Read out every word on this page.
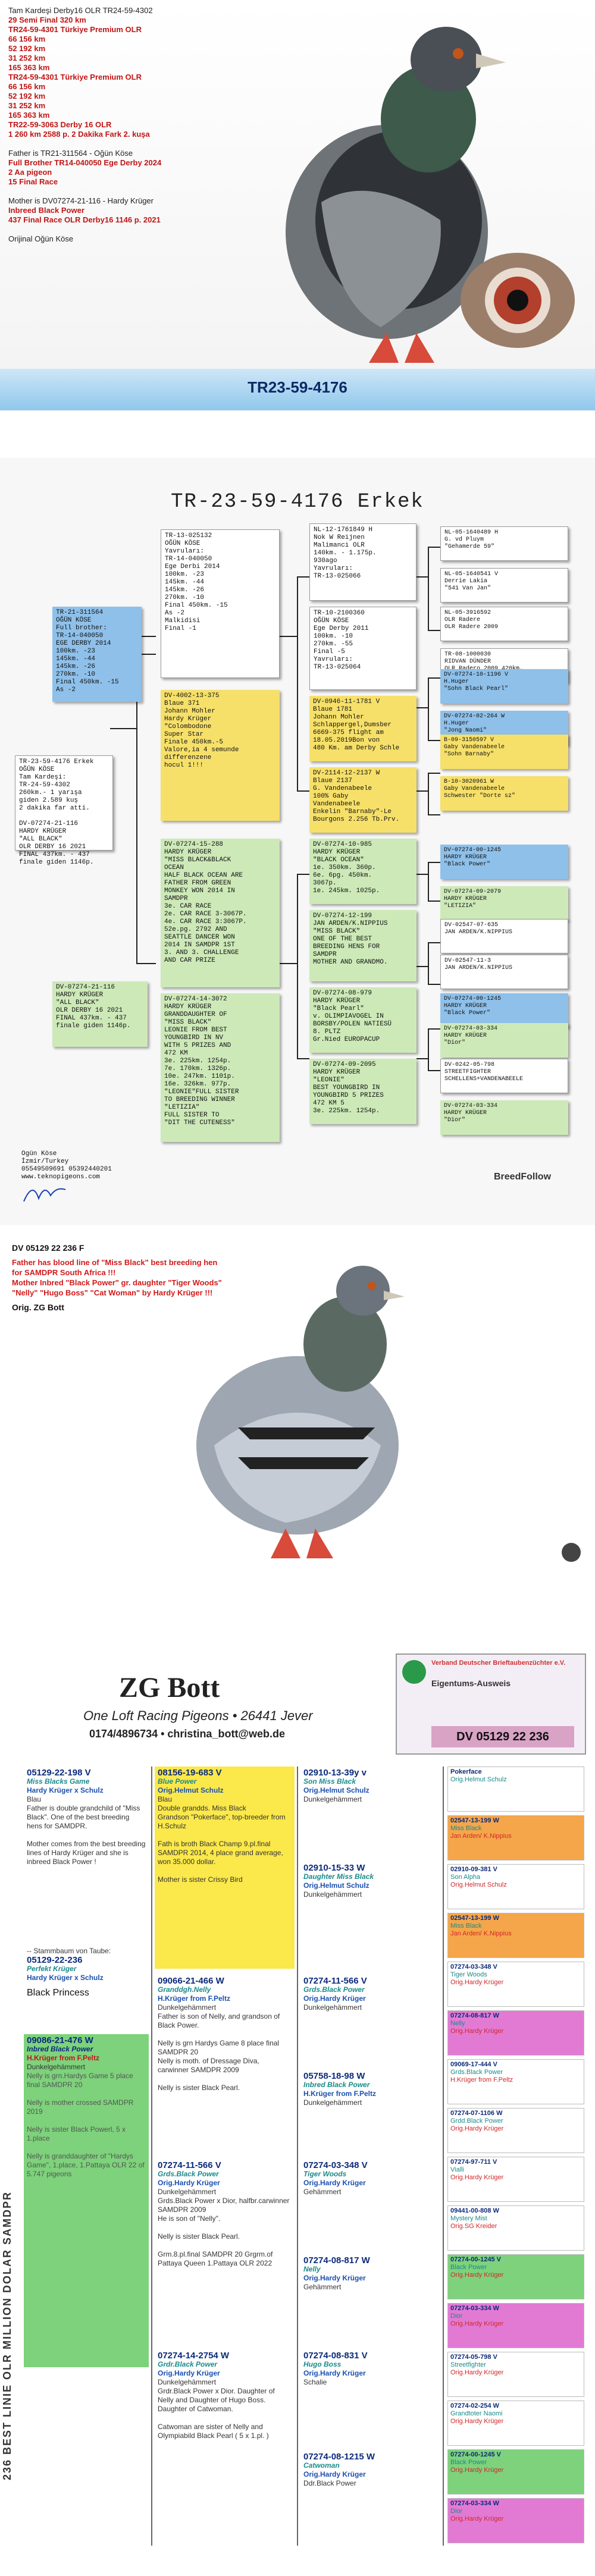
Tam Kardeşi Derby16 OLR TR24-59-4302
29 Semi Final 320 km
TR24-59-4301 Türkiye Premium OLR
66 156 km
52 192 km
31 252 km
165 363 km
TR24-59-4301 Türkiye Premium OLR
66 156 km
52 192 km
31 252 km
165 363 km
TR22-59-3063 Derby 16 OLR
1 260 km 2588 p. 2 Dakika Fark 2. kuşa
Father is TR21-311564 - Oğün Köse
Full Brother TR14-040050 Ege Derby 2024
2 Aa pigeon
15 Final Race
Mother is DV07274-21-116 - Hardy Krüger
Inbreed Black Power
437 Final Race OLR Derby16 1146 p. 2021
Orijinal Oğün Köse
TR23-59-4176
TR-23-59-4176 Erkek
TR-23-59-4176 Erkek
OĞÜN KÖSE
Tam Kardeşi:
TR-24-59-4302
260km.- 1 yarışa
giden 2.589 kuş
2 dakika far atti.

DV-07274-21-116
HARDY KRÜGER
"ALL BLACK"
OLR DERBY 16 2021
FINAL 437km. - 437
finale giden 1146p.
TR-21-311564
OĞÜN KÖSE
Full brother:
TR-14-040050
EGE DERBY 2014
100km. -23
145km. -44
145km. -26
270km. -10
Final 450km. -15
As -2
DV-07274-21-116
HARDY KRÜGER
"ALL BLACK"
OLR DERBY 16 2021
FINAL 437km. - 437
finale giden 1146p.
TR-13-025132
OĞÜN KÖSE
Yavruları:
TR-14-040050
Ege Derbi 2014
100km. -23
145km. -44
145km. -26
270km. -10
Final 450km. -15
As -2
Malkidisi
Final -1
DV-4002-13-375
Blaue 371
Johann Mohler
Hardy Krüger
"Colombodone
Super Star
Finale 450km.-5
Valore,ia 4 semunde
differenzene
hocul 1!!!
DV-07274-15-288
HARDY KRÜGER
"MISS BLACK&BLACK
OCEAN
HALF BLACK OCEAN ARE
FATHER FROM GREEN
MONKEY WON 2014 IN
SAMDPR
3e. CAR RACE
2e. CAR RACE 3-3067P.
4e. CAR RACE 3:3067P.
52e.pg. 2792 AND
SEATTLE DANCER WON
2014 IN SAMDPR 1ST
3. AND 3. CHALLENGE
AND CAR PRIZE
DV-07274-14-3072
HARDY KRÜGER
GRANDDAUGHTER OF
"MISS BLACK"
LEONIE FROM BEST
YOUNGBIRD IN NV
WITH 5 PRIZES AND
472 KM
3e. 225km. 1254p.
7e. 170km. 1326p.
10e. 247km. 1101p.
16e. 326km. 977p.
"LEONIE"FULL SISTER
TO BREEDING WINNER
"LETIZIA"
FULL SISTER TO
"DIT THE CUTENESS"
NL-12-1761849 H
Nok W Reijnen
Malimanci OLR
140km. - 1.175p.
930ago
Yavruları:
TR-13-025066
TR-10-2100360
OĞÜN KÖSE
Ege Derby 2011
100km. -10
270km. -55
Final -5
Yavruları:
TR-13-025064
DV-0946-11-1781 V
Blaue 1781
Johann Mohler
Schlappergel,Dumsber
6669-375 flight am
18.05.2019Bon von
480 Km. am Derby Schle
DV-2114-12-2137 W
Blaue 2137
G. Vandenabeele
100% Gaby
Vandenabeele
Enkelin "Barnaby"-Le
Bourgons 2.256 Tb.Prv.
DV-07274-10-985
HARDY KRÜGER
"BLACK OCEAN"
1e. 350km. 360p.
6e. 6pg. 450km.
3067p.
1e. 245km. 1025p.
DV-07274-12-199
JAN ARDEN/K.NIPPIUS
"MISS BLACK"
ONE OF THE BEST
BREEDING HENS FOR
SAMDPR
MOTHER AND GRANDMO.
DV-07274-08-979
HARDY KRÜGER
"Black Pearl"
v. OLIMPIAVOGEL IN
BORSBY/POLEN NATIESÜ
8. PLTZ
Gr.Nied EUROPACUP
DV-07274-09-2095
HARDY KRÜGER
"LEONIE"
BEST YOUNGBIRD IN
YOUNGBIRD 5 PRIZES
472 KM 5
3e. 225km. 1254p.
NL-05-1640489 H
G. vd Pluym
"Gehamerde 59"
NL-05-1640541 V
Derrie Lakia
"541 Van Jan"
NL-05-3916592
OLR Radere
OLR Radere 2009
TR-08-1000030
RIDVAN DÜNDER

DV-07274-10-1196 V
H.Huger
"Sohn Black Pearl"
DV-07274-02-264 W
H.Huger
"Jong Naomi"
B-09-3150597 V
Gaby Vandenabeele
"Sohn Barnaby"
B-10-3020961 W
Gaby Vandenabeele
Schwester "Dorte sz"
DV-07274-00-1245
HARDY KRÜGER
"Black Power"
DV-07274-09-2079
HARDY KRÜGER
"LETIZIA"
DV-02547-07-635
JAN ARDEN/K.NIPPIUS
DV-02547-11-3
JAN ARDEN/K.NIPPIUS
DV-07274-00-1245
HARDY KRÜGER
"Black Power"
DV-07274-03-334
HARDY KRÜGER
"Dior"
DV-0242-05-798
STREETFIGHTER
SCHELLENS+VANDENABEELE
DV-07274-03-334
HARDY KRÜGER
"Dior"
Ogün Köse
İzmir/Turkey
05549509691 05392440201
www.teknopigeons.com	BreedFollow
DV 05129 22 236 F
Father has blood line of "Miss Black" best breeding hen
for SAMDPR South Africa !!!
Mother Inbred "Black Power" gr. daughter "Tiger Woods"
"Nelly" "Hugo Boss" "Cat Woman" by Hardy Krüger !!!
Orig. ZG Bott
ZG Bott
One Loft Racing Pigeons • 26441 Jever
0174/4896734 • christina_bott@web.de
Verband Deutscher Brieftaubenzüchter e.V.
Eigentums-Ausweis
DV 05129 22 236
236 BEST LINIE OLR MILLION DOLAR SAMDPR
-- Stammbaum von Taube:
05129-22-236
Perfekt Krüger
Hardy Krüger x Schulz
Black Princess
05129-22-198 V
Miss Blacks Game
Hardy Krüger x Schulz
Blau
Father is double grandchild of "Miss Black". One of the best breeding hens for SAMDPR.

Mother comes from the best breeding lines of Hardy Krüger and she is inbreed Black Power !
09086-21-476 W
Inbred Black Power
H.Krüger from F.Peltz
Dunkelgehämmert
Nelly is grn.Hardys Game 5 place final SAMDPR 20

Nelly is mother crossed SAMDPR 2019

Nelly is sister Black Powerl, 5 x 1.place

Nelly is granddaughter of "Hardys Game", 1.place, 1.Pattaya OLR 22 of 5.747 pigeons
08156-19-683 V
Blue Power
Orig.Helmut Schulz
Blau
Double grandds. Miss Black
Grandson "Pokerface", top-breeder from H.Schulz

Fath is broth Black Champ 9.pl.final SAMDPR 2014, 4 place grand average, won 35.000 dollar.

Mother is sister Crissy Bird
09066-21-466 W
Granddgh.Nelly
H.Krüger from F.Peltz
Dunkelgehämmert
Father is son of Nelly, and grandson of Black Power.

Nelly is grn Hardys Game 8 place final SAMDPR 20
Nelly is moth. of Dressage Diva, carwinner SAMDPR 2009

Nelly is sister Black Pearl.
07274-11-566 V
Grds.Black Power
Orig.Hardy Krüger
Dunkelgehämmert
Grds.Black Power x Dior, halfbr.carwinner SAMDPR 2009
He is son of "Nelly".

Nelly is sister Black Pearl.

Grm.8.pl.final SAMDPR 20 Grgrm.of Pattaya Queen 1.Pattaya OLR 2022
07274-14-2754 W
Grdr.Black Power
Orig.Hardy Krüger
Dunkelgehämmert
Grdr.Black Power x Dior. Daughter of Nelly and Daughter of Hugo Boss. Daughter of Catwoman.

Catwoman are sister of Nelly and Olympiabild Black Pearl ( 5 x 1.pl. )
02910-13-39y v
Son Miss Black
Orig.Helmut Schulz
Dunkelgehämmert
02910-15-33 W
Daughter Miss Black
Orig.Helmut Schulz
Dunkelgehämmert
07274-11-566 V
Grds.Black Power
Orig.Hardy Krüger
Dunkelgehämmert
05758-18-98 W
Inbred Black Power
H.Krüger from F.Peltz
Dunkelgehämmert
07274-03-348 V
Tiger Woods
Orig.Hardy Krüger
Gehämmert
07274-08-817 W
Nelly
Orig.Hardy Krüger
Gehämmert
07274-08-831 V
Hugo Boss
Orig.Hardy Krüger
Schalie
07274-08-1215 W
Catwoman
Orig.Hardy Krüger
Ddr.Black Power
Pokerface
Orig.Helmut Schulz
02547-13-199 W
Miss Black
Jan Arden/ K.Nippius
02910-09-381 V
Son Alpha
Orig.Helmut Schulz
02547-13-199 W
Miss Black
Jan Arden/ K.Nippius
07274-03-348 V
Tiger Woods
Orig.Hardy Krüger
07274-08-817 W
Nelly
Orig.Hardy Krüger
09069-17-444 V
Grds.Black Power
H.Krüger from F.Peltz
07274-07-1106 W
Grdd.Black Power
Orig.Hardy Krüger
07274-97-711 V
Vialli
Orig.Hardy Krüger
09441-00-808 W
Mystery Mist
Orig.SG Kreider
07274-00-1245 V
Black Power
Orig.Hardy Krüger
07274-03-334 W
Dior
Orig.Hardy Krüger
07274-05-798 V
Streetfighter
Orig.Hardy Krüger
07274-02-254 W
Grandtoter Naomi
Orig.Hardy Krüger
07274-00-1245 V
Black Power
Orig.Hardy Krüger
07274-03-334 W
Dior
Orig.Hardy Krüger
